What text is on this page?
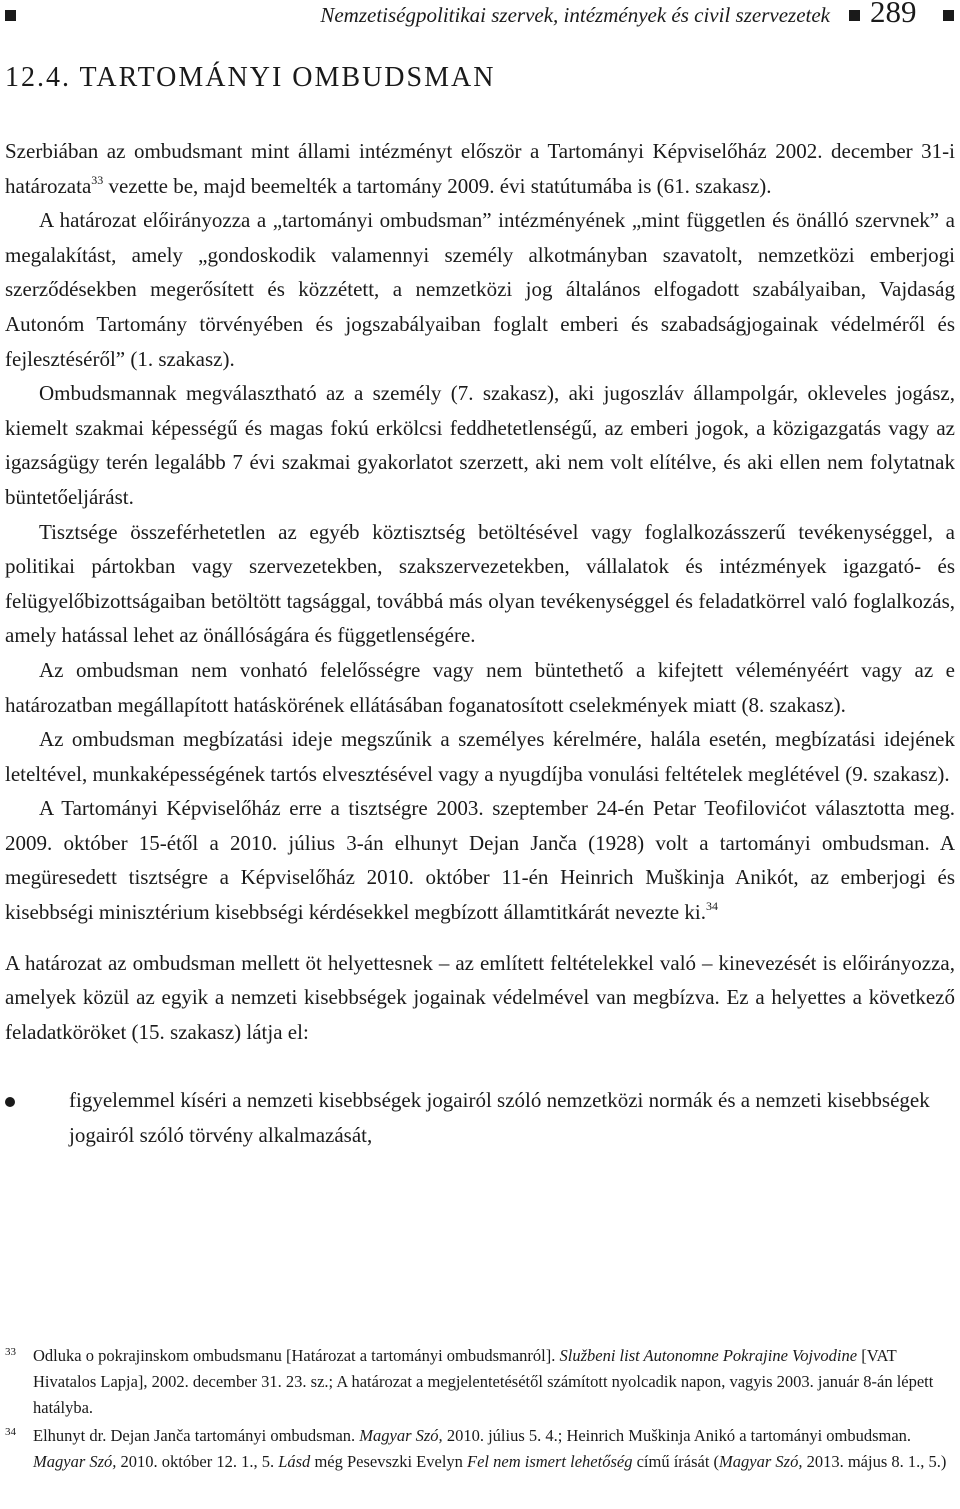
Nemzetiségpolitikai szervek, intézmények és civil szervezetek 289
12.4. TARTOMÁNYI OMBUDSMAN

Szerbiában az ombudsmant mint állami intézményt először a Tartományi Képviselőház 2002. december 31-i határozata$^{33}$ vezette be, majd beemelték a tartomány 2009. évi statútumába is (61. szakasz).

A határozat előirányozza a „tartományi ombudsman” intézményének „mint független és önálló szervnek” a megalakítást, amely „gondoskodik valamennyi személy alkotmányban szavatolt, nemzetközi emberjogi szerződésekben megerősített és közzétett, a nemzetközi jog általános elfogadott szabályaiban, Vajdaság Autonóm Tartomány törvényében és jogszabályaiban foglalt emberi és szabadságjogainak védelméről és fejlesztéséről” (1. szakasz).

Ombudsmannak megválasztható az a személy (7. szakasz), aki jugoszláv állampolgár, okleveles jogász, kiemelt szakmai képességű és magas fokú erkölcsi feddhetetlenségű, az emberi jogok, a közigazgatás vagy az igazságügy terén legalább 7 évi szakmai gyakorlatot szerzett, aki nem volt elítélve, és aki ellen nem folytatnak büntetőeljárást.

Tisztsége összeférhetetlen az egyéb köztisztség betöltésével vagy foglalkozásszerű tevékenységgel, a politikai pártokban vagy szervezetekben, szakszervezetekben, vállalatok és intézmények igazgató- és felügyelőbizottságaiban betöltött tagsággal, továbbá más olyan tevékenységgel és feladatkörrel való foglalkozás, amely hatással lehet az önállóságára és függetlenségére.

Az ombudsman nem vonható felelősségre vagy nem büntethető a kifejtett véleményéért vagy az e határozatban megállapított hatáskörének ellátásában foganatosított cselekmények miatt (8. szakasz).

Az ombudsman megbízatási ideje megszűnik a személyes kérelmére, halála esetén, megbízatási idejének leteltével, munkaképességének tartós elvesztésével vagy a nyugdíjba vonulási feltételek meglétével (9. szakasz).

A Tartományi Képviselőház erre a tisztségre 2003. szeptember 24-én Petar Teofilovićot választotta meg. 2009. október 15-étől a 2010. július 3-án elhunyt Dejan Janča (1928) volt a tartományi ombudsman. A megüresedett tisztségre a Képviselőház 2010. október 11-én Heinrich Muškinja Anikót, az emberjogi és kisebbségi minisztérium kisebbségi kérdésekkel megbízott államtitkárát nevezte ki.$^{34}$

A határozat az ombudsman mellett öt helyettesnek – az említett feltételekkel való – kinevezését is előirányozza, amelyek közül az egyik a nemzeti kisebbségek jogainak védelmével van megbízva. Ez a helyettes a következő feladatköröket (15. szakasz) látja el:

figyelemmel kíséri a nemzeti kisebbségek jogairól szóló nemzetközi normák és a nemzeti kisebbségek jogairól szóló törvény alkalmazását,
33 Odluka o pokrajinskom ombudsmanu [Határozat a tartományi ombudsmanról]. Službeni list Autonomne Pokrajine Vojvodine [VAT Hivatalos Lapja], 2002. december 31. 23. sz.; A határozat a megjelentetésétől számított nyolcadik napon, vagyis 2003. január 8-án lépett hatályba.
34 Elhunyt dr. Dejan Janča tartományi ombudsman. Magyar Szó, 2010. július 5. 4.; Heinrich Muškinja Anikó a tartományi ombudsman. Magyar Szó, 2010. október 12. 1., 5. Lásd még Pesevszki Evelyn Fel nem ismert lehetőség című írását (Magyar Szó, 2013. május 8. 1., 5.)
